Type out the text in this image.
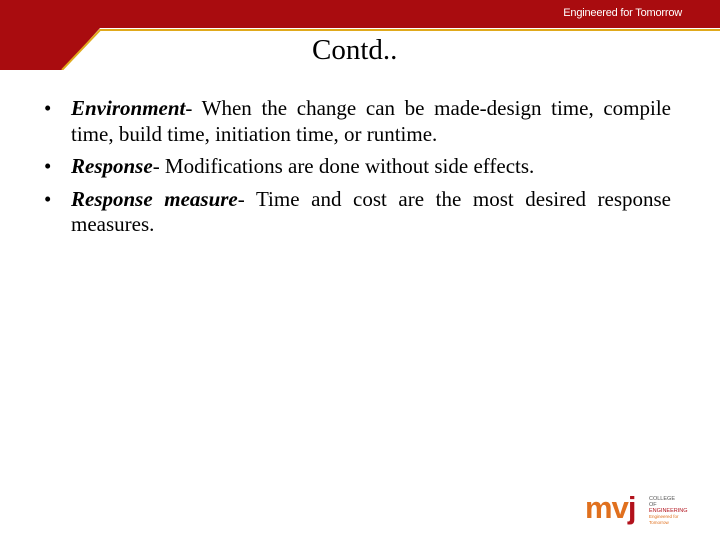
Engineered for Tomorrow
Contd..
• Environment- When the change can be made-design time, compile time, build time, initiation time, or runtime.
• Response- Modifications are done without side effects.
• Response measure- Time and cost are the most desired response measures.
mvj COLLEGE OF
ENGINEERING
Engineered for Tomorrow
